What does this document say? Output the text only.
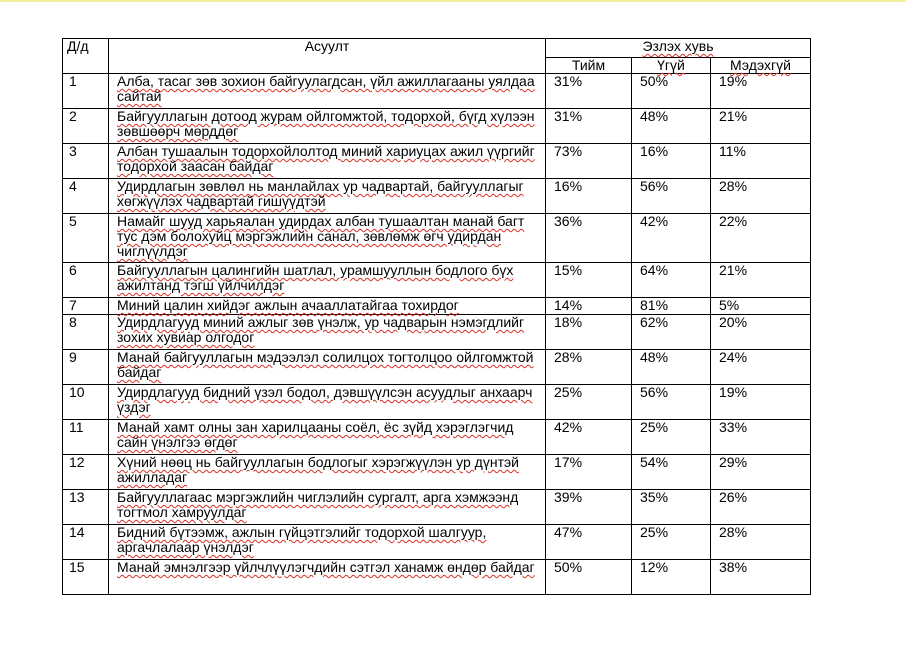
Д/д	Асуулт	Эзлэх хувь		
		Тийм	Үгүй	Мэдэхгүй
1	Алба, тасаг зөв зохион байгуулагдсан, үйл ажиллагааны уялдаа сайтай	31%	50%	19%
2	Байгууллагын дотоод журам ойлгомжтой, тодорхой, бүгд хүлээн зөвшөөрч мөрддөг	31%	48%	21%
3	Албан тушаалын тодорхойлолтод миний хариуцах ажил үүргийг тодорхой заасан байдаг	73%	16%	11%
4	Удирдлагын зөвлөл нь манлайлах ур чадвартай, байгууллагыг хөгжүүлэх чадвартай гишүүдтэй	16%	56%	28%
5	Намайг шууд харьяалан удирдах албан тушаалтан манай багт тус дэм болохуйц мэргэжлийн санал, зөвлөмж өгч удирдан чиглүүлдэг	36%	42%	22%
6	Байгууллагын цалингийн шатлал, урамшууллын бодлого бүх ажилтанд тэгш үйлчилдэг	15%	64%	21%
7	Миний цалин хийдэг ажлын ачааллатайгаа тохирдог	14%	81%	5%
8	Удирдлагууд миний ажлыг зөв үнэлж, ур чадварын нэмэгдлийг зохих хувиар олгодог	18%	62%	20%
9	Манай байгууллагын мэдээлэл солилцох тогтолцоо ойлгомжтой байдаг	28%	48%	24%
10	Удирдлагууд бидний үзэл бодол, дэвшүүлсэн асуудлыг анхаарч үздэг	25%	56%	19%
11	Манай хамт олны зан харилцааны соёл, ёс зүйд хэрэглэгчид сайн үнэлгээ өгдөг	42%	25%	33%
12	Хүний нөөц нь байгууллагын бодлогыг хэрэгжүүлэн ур дүнтэй ажилладаг	17%	54%	29%
13	Байгууллагаас мэргэжлийн чиглэлийн сургалт, арга хэмжээнд тогтмол хамруулдаг	39%	35%	26%
14	Бидний бүтээмж, ажлын гүйцэтгэлийг тодорхой шалгуур, аргачлалаар үнэлдэг	47%	25%	28%
15	Манай эмнэлгээр үйлчлүүлэгчдийн сэтгэл ханамж өндөр байдаг	50%	12%	38%
